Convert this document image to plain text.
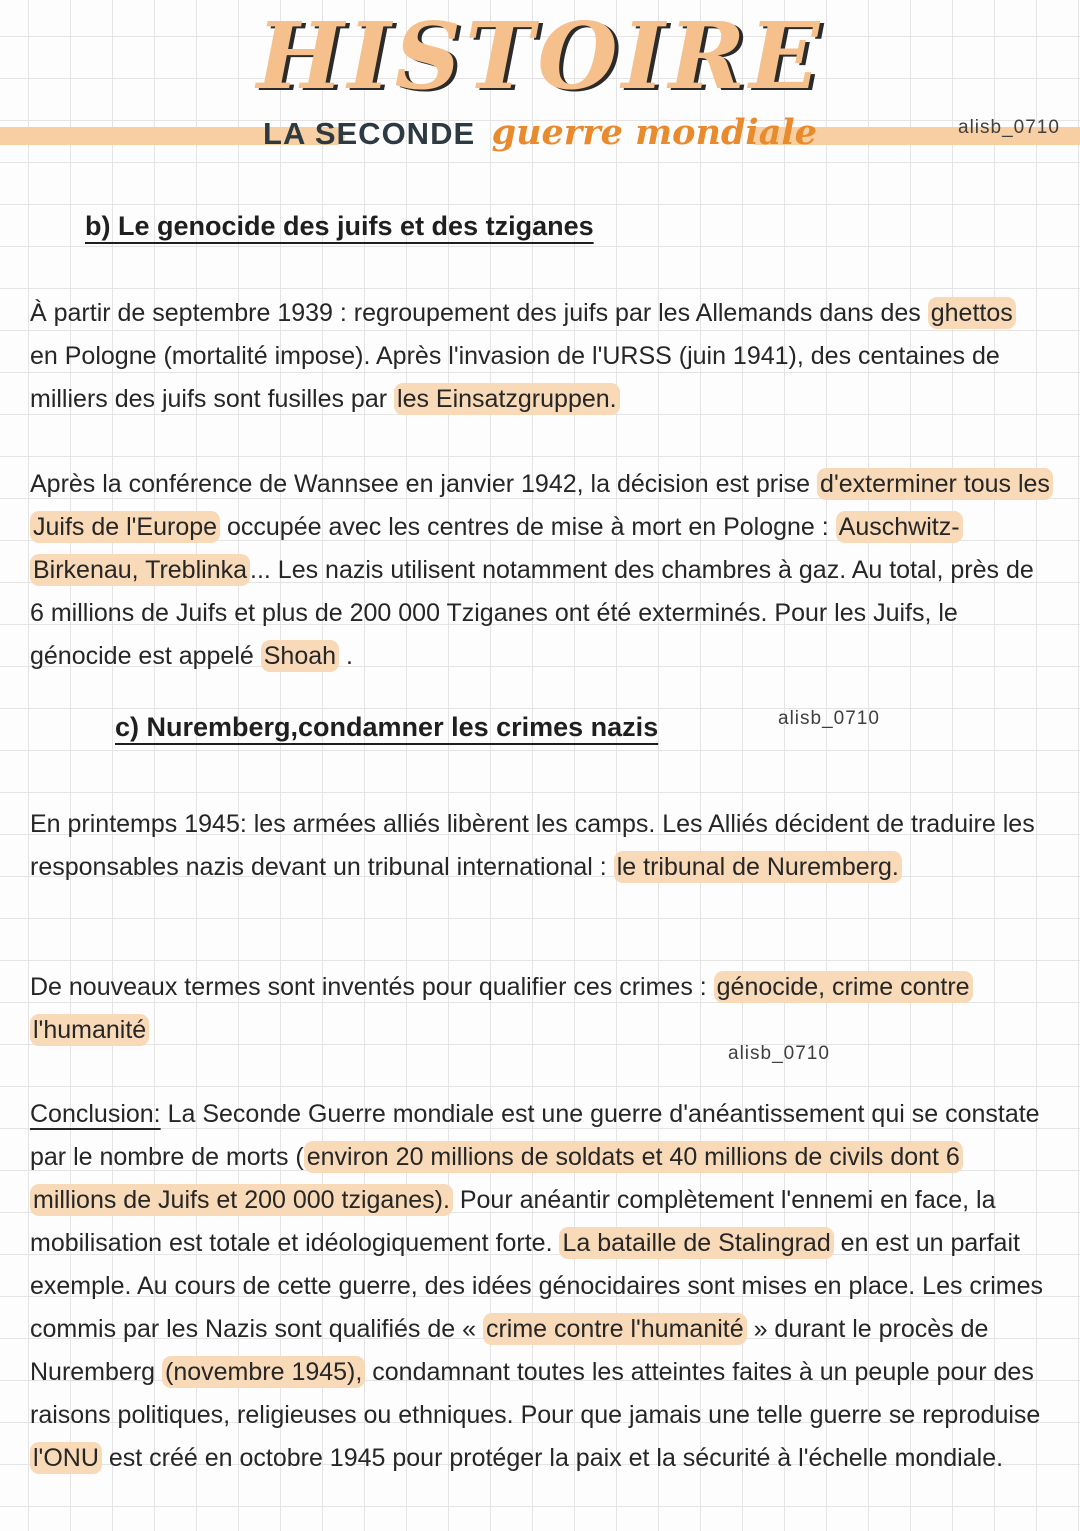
HISTOIRE
LA SECONDE guerre mondiale	alisb_0710
alisb_0710
alisb_0710
b) Le genocide des juifs et des tziganes

À partir de septembre 1939 : regroupement des juifs par les Allemands dans des ghettos en Pologne (mortalité impose). Après l'invasion de l'URSS (juin 1941), des centaines de milliers des juifs sont fusilles par les Einsatzgruppen.

Après la conférence de Wannsee en janvier 1942, la décision est prise d'exterminer tous les Juifs de l'Europe occupée avec les centres de mise à mort en Pologne : Auschwitz-Birkenau, Treblinka ... Les nazis utilisent notamment des chambres à gaz. Au total, près de 6 millions de Juifs et plus de 200 000 Tziganes ont été exterminés. Pour les Juifs, le génocide est appelé Shoah .

c) Nuremberg,condamner les crimes nazis

En printemps 1945: les armées alliés libèrent les camps. Les Alliés décident de traduire les responsables nazis devant un tribunal international : le tribunal de Nuremberg.

De nouveaux termes sont inventés pour qualifier ces crimes : génocide, crime contre l'humanité

Conclusion: La Seconde Guerre mondiale est une guerre d'anéantissement qui se constate par le nombre de morts ( environ 20 millions de soldats et 40 millions de civils dont 6 millions de Juifs et 200 000 tziganes). Pour anéantir complètement l'ennemi en face, la mobilisation est totale et idéologiquement forte. La bataille de Stalingrad en est un parfait exemple. Au cours de cette guerre, des idées génocidaires sont mises en place. Les crimes commis par les Nazis sont qualifiés de « crime contre l'humanité » durant le procès de Nuremberg (novembre 1945), condamnant toutes les atteintes faites à un peuple pour des raisons politiques, religieuses ou ethniques. Pour que jamais une telle guerre se reproduise l'ONU est créé en octobre 1945 pour protéger la paix et la sécurité à l'échelle mondiale.
